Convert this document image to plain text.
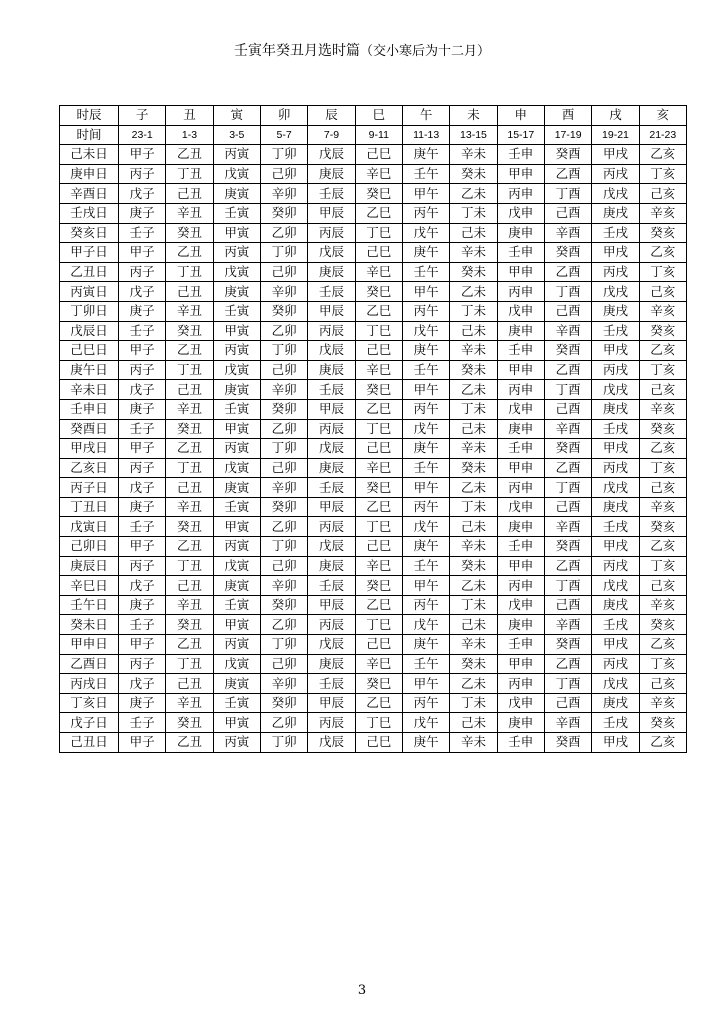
壬寅年癸丑月选时篇（交小寒后为十二月）
时辰	子	丑	寅	卯	辰	巳	午	未	申	酉	戌	亥
时间	23-1	1-3	3-5	5-7	7-9	9-11	11-13	13-15	15-17	17-19	19-21	21-23
己未日	甲子	乙丑	丙寅	丁卯	戊辰	己巳	庚午	辛未	壬申	癸酉	甲戌	乙亥
庚申日	丙子	丁丑	戊寅	己卯	庚辰	辛巳	壬午	癸未	甲申	乙酉	丙戌	丁亥
辛酉日	戊子	己丑	庚寅	辛卯	壬辰	癸巳	甲午	乙未	丙申	丁酉	戊戌	己亥
壬戌日	庚子	辛丑	壬寅	癸卯	甲辰	乙巳	丙午	丁未	戊申	己酉	庚戌	辛亥
癸亥日	壬子	癸丑	甲寅	乙卯	丙辰	丁巳	戊午	己未	庚申	辛酉	壬戌	癸亥
甲子日	甲子	乙丑	丙寅	丁卯	戊辰	己巳	庚午	辛未	壬申	癸酉	甲戌	乙亥
乙丑日	丙子	丁丑	戊寅	己卯	庚辰	辛巳	壬午	癸未	甲申	乙酉	丙戌	丁亥
丙寅日	戊子	己丑	庚寅	辛卯	壬辰	癸巳	甲午	乙未	丙申	丁酉	戊戌	己亥
丁卯日	庚子	辛丑	壬寅	癸卯	甲辰	乙巳	丙午	丁未	戊申	己酉	庚戌	辛亥
戊辰日	壬子	癸丑	甲寅	乙卯	丙辰	丁巳	戊午	己未	庚申	辛酉	壬戌	癸亥
己巳日	甲子	乙丑	丙寅	丁卯	戊辰	己巳	庚午	辛未	壬申	癸酉	甲戌	乙亥
庚午日	丙子	丁丑	戊寅	己卯	庚辰	辛巳	壬午	癸未	甲申	乙酉	丙戌	丁亥
辛未日	戊子	己丑	庚寅	辛卯	壬辰	癸巳	甲午	乙未	丙申	丁酉	戊戌	己亥
壬申日	庚子	辛丑	壬寅	癸卯	甲辰	乙巳	丙午	丁未	戊申	己酉	庚戌	辛亥
癸酉日	壬子	癸丑	甲寅	乙卯	丙辰	丁巳	戊午	己未	庚申	辛酉	壬戌	癸亥
甲戌日	甲子	乙丑	丙寅	丁卯	戊辰	己巳	庚午	辛未	壬申	癸酉	甲戌	乙亥
乙亥日	丙子	丁丑	戊寅	己卯	庚辰	辛巳	壬午	癸未	甲申	乙酉	丙戌	丁亥
丙子日	戊子	己丑	庚寅	辛卯	壬辰	癸巳	甲午	乙未	丙申	丁酉	戊戌	己亥
丁丑日	庚子	辛丑	壬寅	癸卯	甲辰	乙巳	丙午	丁未	戊申	己酉	庚戌	辛亥
戊寅日	壬子	癸丑	甲寅	乙卯	丙辰	丁巳	戊午	己未	庚申	辛酉	壬戌	癸亥
己卯日	甲子	乙丑	丙寅	丁卯	戊辰	己巳	庚午	辛未	壬申	癸酉	甲戌	乙亥
庚辰日	丙子	丁丑	戊寅	己卯	庚辰	辛巳	壬午	癸未	甲申	乙酉	丙戌	丁亥
辛巳日	戊子	己丑	庚寅	辛卯	壬辰	癸巳	甲午	乙未	丙申	丁酉	戊戌	己亥
壬午日	庚子	辛丑	壬寅	癸卯	甲辰	乙巳	丙午	丁未	戊申	己酉	庚戌	辛亥
癸未日	壬子	癸丑	甲寅	乙卯	丙辰	丁巳	戊午	己未	庚申	辛酉	壬戌	癸亥
甲申日	甲子	乙丑	丙寅	丁卯	戊辰	己巳	庚午	辛未	壬申	癸酉	甲戌	乙亥
乙酉日	丙子	丁丑	戊寅	己卯	庚辰	辛巳	壬午	癸未	甲申	乙酉	丙戌	丁亥
丙戌日	戊子	己丑	庚寅	辛卯	壬辰	癸巳	甲午	乙未	丙申	丁酉	戊戌	己亥
丁亥日	庚子	辛丑	壬寅	癸卯	甲辰	乙巳	丙午	丁未	戊申	己酉	庚戌	辛亥
戊子日	壬子	癸丑	甲寅	乙卯	丙辰	丁巳	戊午	己未	庚申	辛酉	壬戌	癸亥
己丑日	甲子	乙丑	丙寅	丁卯	戊辰	己巳	庚午	辛未	壬申	癸酉	甲戌	乙亥
3
